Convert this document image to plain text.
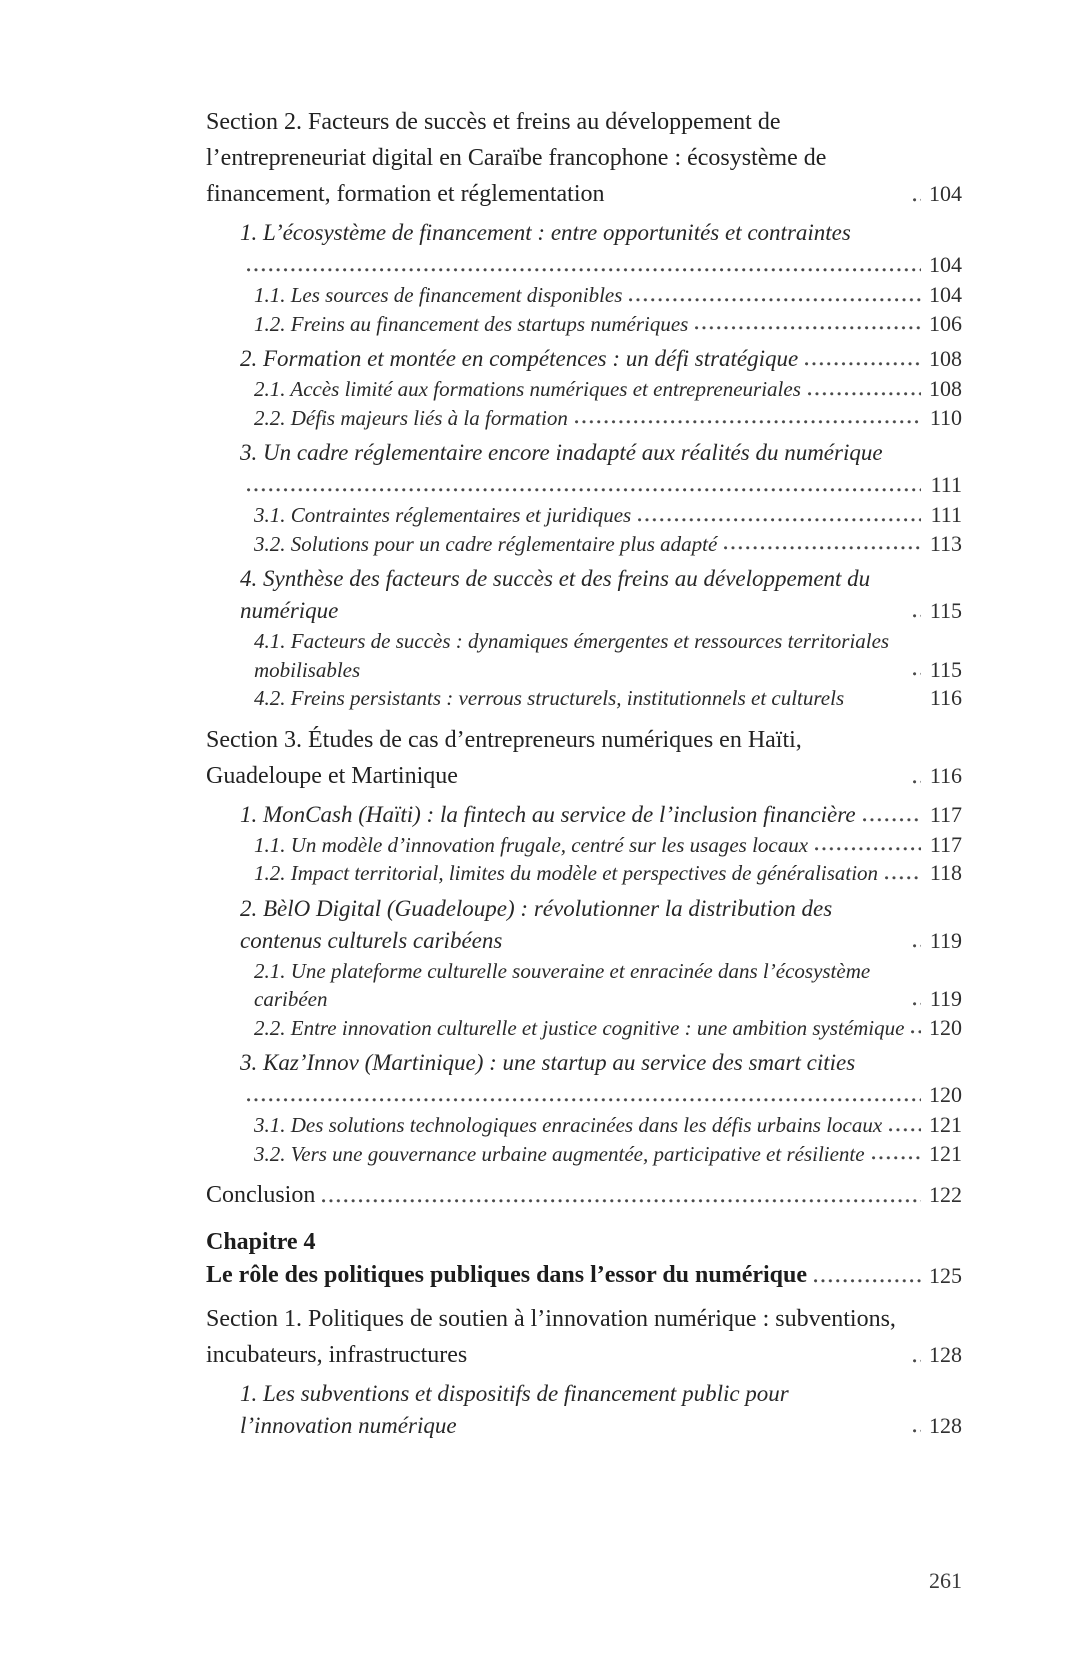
Section 2. Facteurs de succès et freins au développement de l’entrepreneuriat digital en Caraïbe francophone : écosystème de financement, formation et réglementation	104
1. L’écosystème de financement : entre opportunités et contraintes
104
1.1. Les sources de financement disponibles	104
1.2. Freins au financement des startups numériques	106
2. Formation et montée en compétences : un défi stratégique	108
2.1. Accès limité aux formations numériques et entrepreneuriales	108
2.2. Défis majeurs liés à la formation	110
3. Un cadre réglementaire encore inadapté aux réalités du numérique
111
3.1. Contraintes réglementaires et juridiques	111
3.2. Solutions pour un cadre réglementaire plus adapté	113
4. Synthèse des facteurs de succès et des freins au développement du numérique	115
4.1. Facteurs de succès : dynamiques émergentes et ressources territoriales mobilisables	115
4.2. Freins persistants : verrous structurels, institutionnels et culturels	116
Section 3. Études de cas d’entrepreneurs numériques en Haïti, Guadeloupe et Martinique	116
1. MonCash (Haïti) : la fintech au service de l’inclusion financière	117
1.1. Un modèle d’innovation frugale, centré sur les usages locaux	117
1.2. Impact territorial, limites du modèle et perspectives de généralisation 118
2. BèlO Digital (Guadeloupe) : révolutionner la distribution des contenus culturels caribéens	119
2.1. Une plateforme culturelle souveraine et enracinée dans l’écosystème caribéen	119
2.2. Entre innovation culturelle et justice cognitive : une ambition systémique 120
3. Kaz’Innov (Martinique) : une startup au service des smart cities
120
3.1. Des solutions technologiques enracinées dans les défis urbains locaux 121
3.2. Vers une gouvernance urbaine augmentée, participative et résiliente	121
Conclusion	122
Chapitre 4
Le rôle des politiques publiques dans l’essor du numérique	125
Section 1. Politiques de soutien à l’innovation numérique : subventions, incubateurs, infrastructures	128
1. Les subventions et dispositifs de financement public pour l’innovation numérique	128
261
